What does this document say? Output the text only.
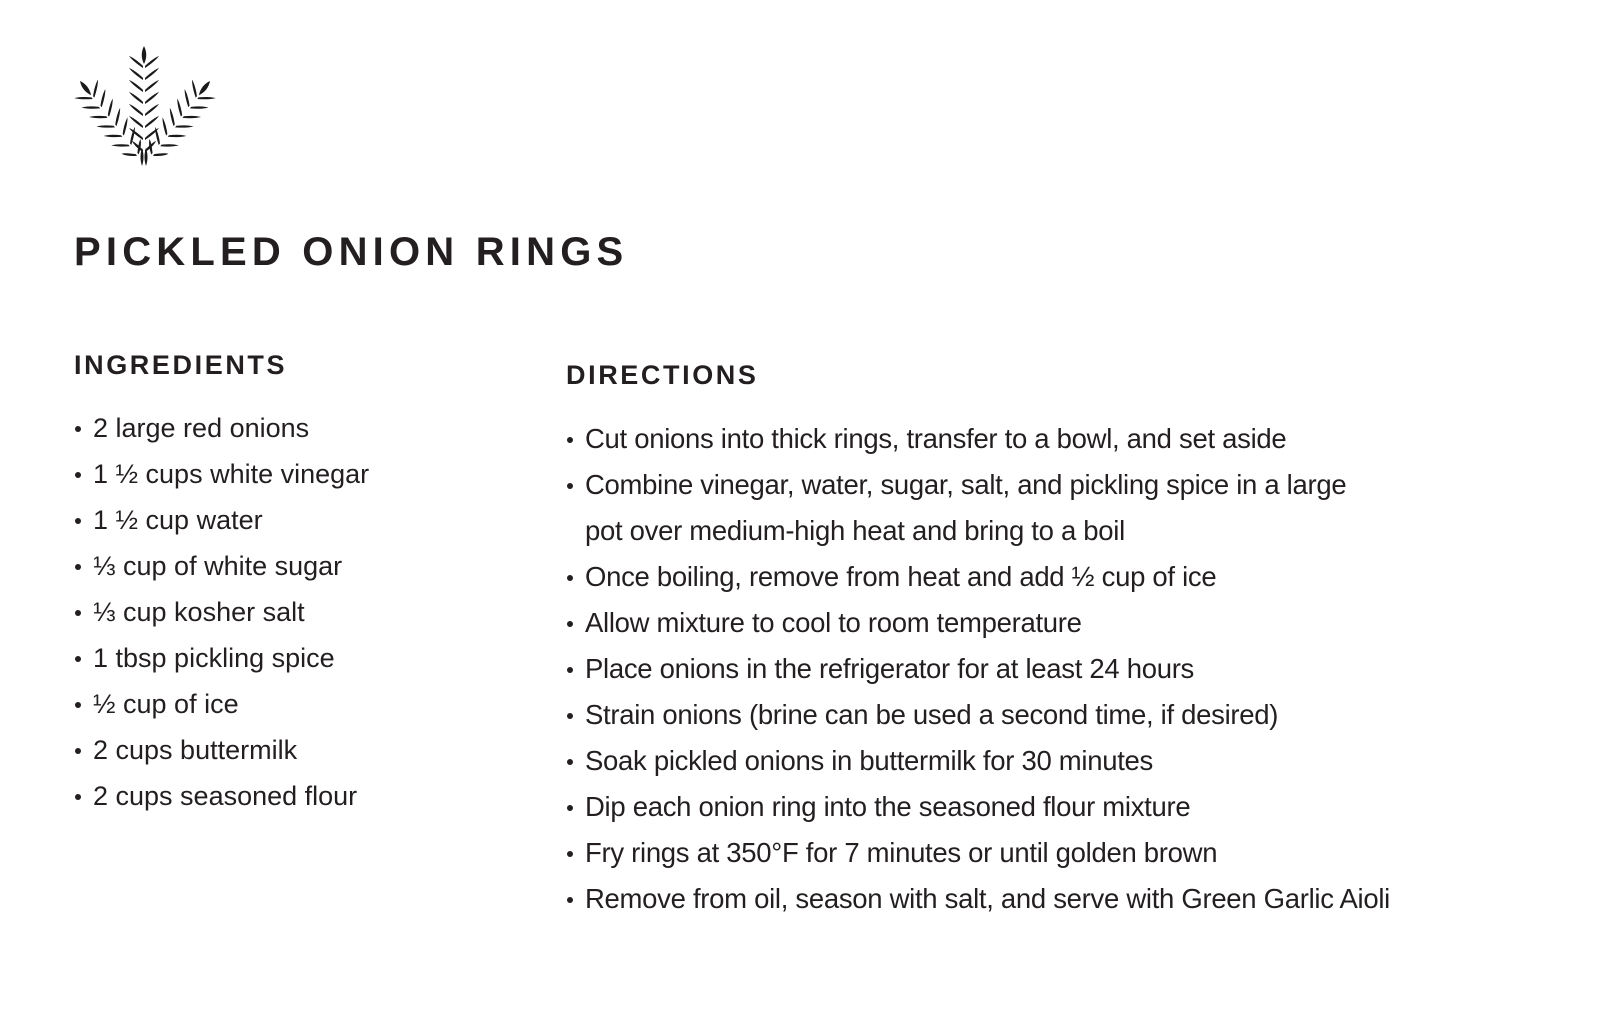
PICKLED ONION RINGS
INGREDIENTS
2 large red onions
1 ½ cups white vinegar
1 ½ cup water
⅓ cup of white sugar
⅓ cup kosher salt
1 tbsp pickling spice
½ cup of ice
2 cups buttermilk
2 cups seasoned flour
DIRECTIONS
Cut onions into thick rings, transfer to a bowl, and set aside
Combine vinegar, water, sugar, salt, and pickling spice in a large
pot over medium-high heat and bring to a boil
Once boiling, remove from heat and add ½ cup of ice
Allow mixture to cool to room temperature
Place onions in the refrigerator for at least 24 hours
Strain onions (brine can be used a second time, if desired)
Soak pickled onions in buttermilk for 30 minutes
Dip each onion ring into the seasoned flour mixture
Fry rings at 350°F for 7 minutes or until golden brown
Remove from oil, season with salt, and serve with Green Garlic Aioli
